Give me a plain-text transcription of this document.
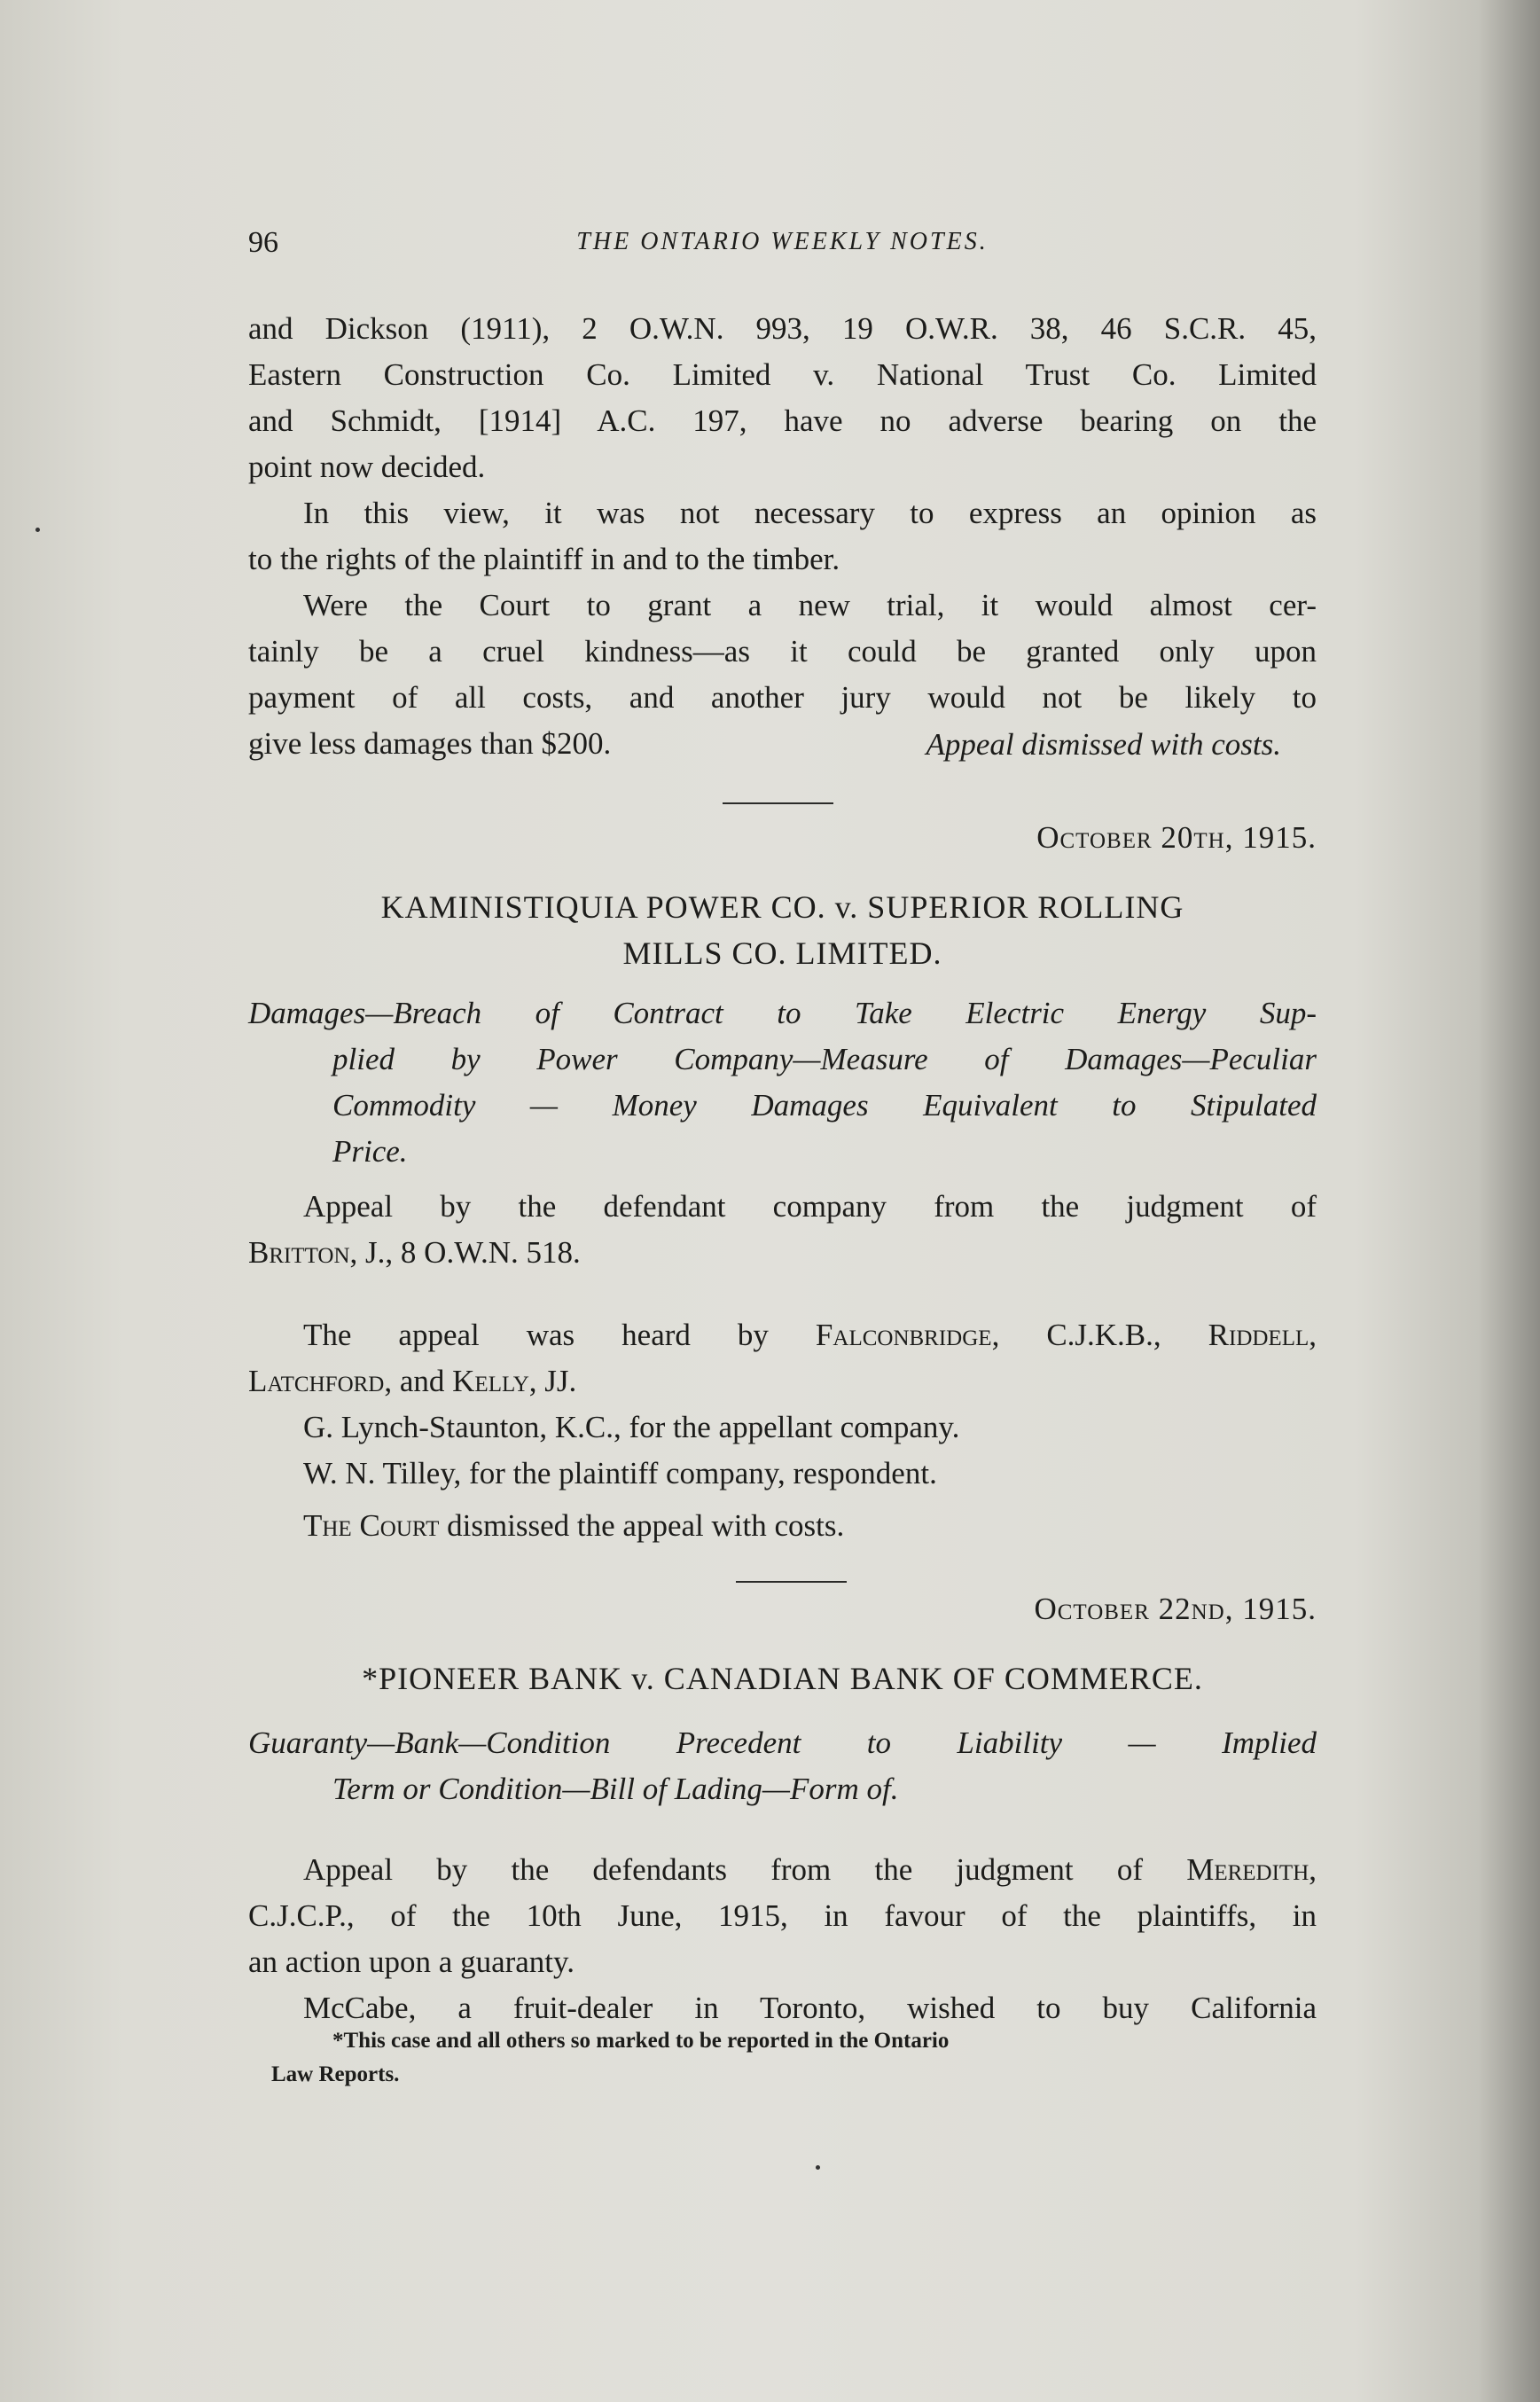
96	THE ONTARIO WEEKLY NOTES.
and Dickson (1911), 2 O.W.N. 993, 19 O.W.R. 38, 46 S.C.R. 45,
Eastern Construction Co. Limited v. National Trust Co. Limited
and Schmidt, [1914] A.C. 197, have no adverse bearing on the
point now decided.
In this view, it was not necessary to express an opinion as
to the rights of the plaintiff in and to the timber.
Were the Court to grant a new trial, it would almost cer-
tainly be a cruel kindness—as it could be granted only upon
payment of all costs, and another jury would not be likely to
give less damages than $200.	Appeal dismissed with costs.
October 20th, 1915.
KAMINISTIQUIA POWER CO. v. SUPERIOR ROLLING
MILLS CO. LIMITED.
Damages—Breach of Contract to Take Electric Energy Sup-
plied by Power Company—Measure of Damages—Peculiar
Commodity — Money Damages Equivalent to Stipulated
Price.
Appeal by the defendant company from the judgment of
Britton, J., 8 O.W.N. 518.
The appeal was heard by Falconbridge, C.J.K.B., Riddell,
Latchford, and Kelly, JJ.
G. Lynch-Staunton, K.C., for the appellant company.
W. N. Tilley, for the plaintiff company, respondent.
The Court dismissed the appeal with costs.
October 22nd, 1915.
*PIONEER BANK v. CANADIAN BANK OF COMMERCE.
Guaranty—Bank—Condition Precedent to Liability — Implied
Term or Condition—Bill of Lading—Form of.
Appeal by the defendants from the judgment of Meredith,
C.J.C.P., of the 10th June, 1915, in favour of the plaintiffs, in
an action upon a guaranty.
McCabe, a fruit-dealer in Toronto, wished to buy California
*This case and all others so marked to be reported in the Ontario
Law Reports.
